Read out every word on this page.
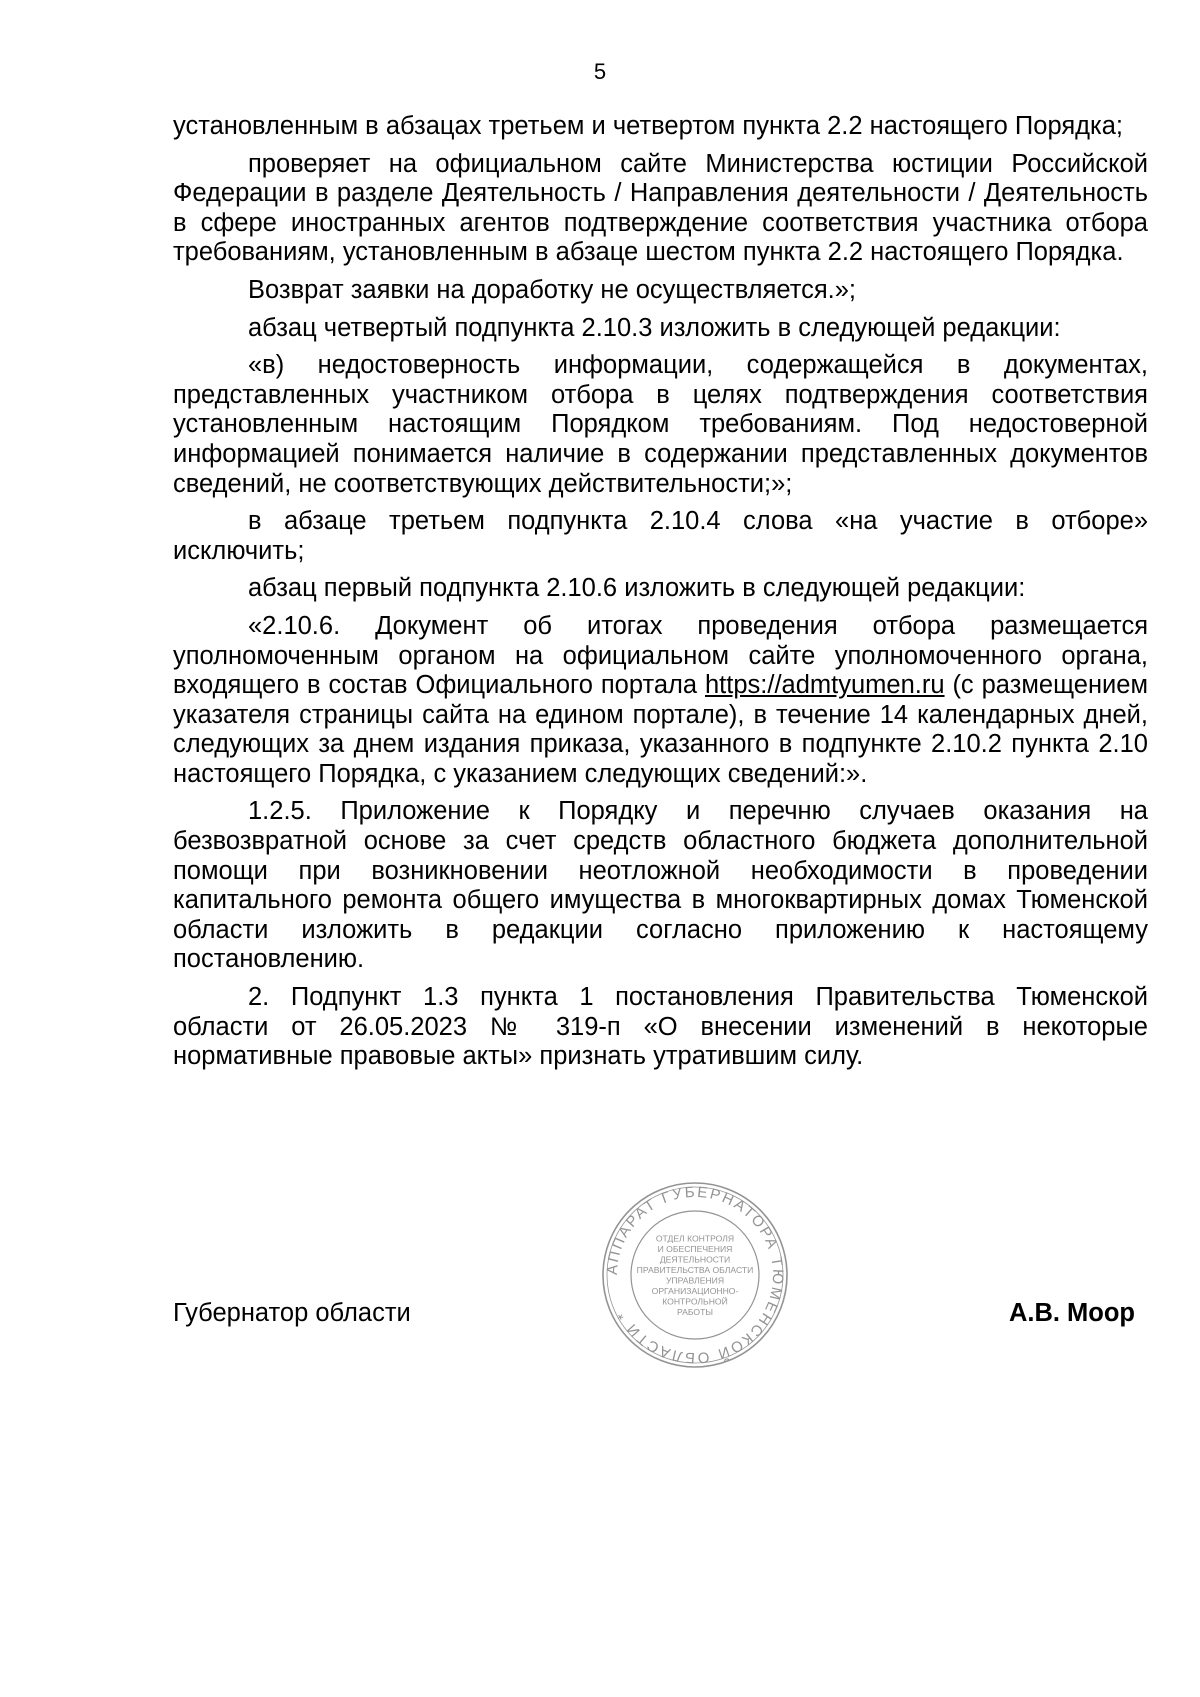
5

установленным в абзацах третьем и четвертом пункта 2.2 настоящего Порядка;

проверяет на официальном сайте Министерства юстиции Российской Федерации в разделе Деятельность / Направления деятельности / Деятельность в сфере иностранных агентов подтверждение соответствия участника отбора требованиям, установленным в абзаце шестом пункта 2.2 настоящего Порядка.

Возврат заявки на доработку не осуществляется.»;

абзац четвертый подпункта 2.10.3 изложить в следующей редакции:

«в) недостоверность информации, содержащейся в документах, представленных участником отбора в целях подтверждения соответствия установленным настоящим Порядком требованиям. Под недостоверной информацией понимается наличие в содержании представленных документов сведений, не соответствующих действительности;»;

в абзаце третьем подпункта 2.10.4 слова «на участие в отборе» исключить;

абзац первый подпункта 2.10.6 изложить в следующей редакции:

«2.10.6. Документ об итогах проведения отбора размещается уполномоченным органом на официальном сайте уполномоченного органа, входящего в состав Официального портала https://admtyumen.ru (с размещением указателя страницы сайта на едином портале), в течение 14 календарных дней, следующих за днем издания приказа, указанного в подпункте 2.10.2 пункта 2.10 настоящего Порядка, с указанием следующих сведений:».

1.2.5. Приложение к Порядку и перечню случаев оказания на безвозвратной основе за счет средств областного бюджета дополнительной помощи при возникновении неотложной необходимости в проведении капитального ремонта общего имущества в многоквартирных домах Тюменской области изложить в редакции согласно приложению к настоящему постановлению.

2. Подпункт 1.3 пункта 1 постановления Правительства Тюменской области от 26.05.2023 № 319-п «О внесении изменений в некоторые нормативные правовые акты» признать утратившим силу.

Губернатор области	А.В. Моор
АППАРАТ ГУБЕРНАТОРА ТЮМЕНСКОЙ ОБЛАСТИ *
ОТДЕЛ КОНТРОЛЯ
И ОБЕСПЕЧЕНИЯ
ДЕЯТЕЛЬНОСТИ
ПРАВИТЕЛЬСТВА ОБЛАСТИ
УПРАВЛЕНИЯ
ОРГАНИЗАЦИОННО-
КОНТРОЛЬНОЙ
РАБОТЫ
